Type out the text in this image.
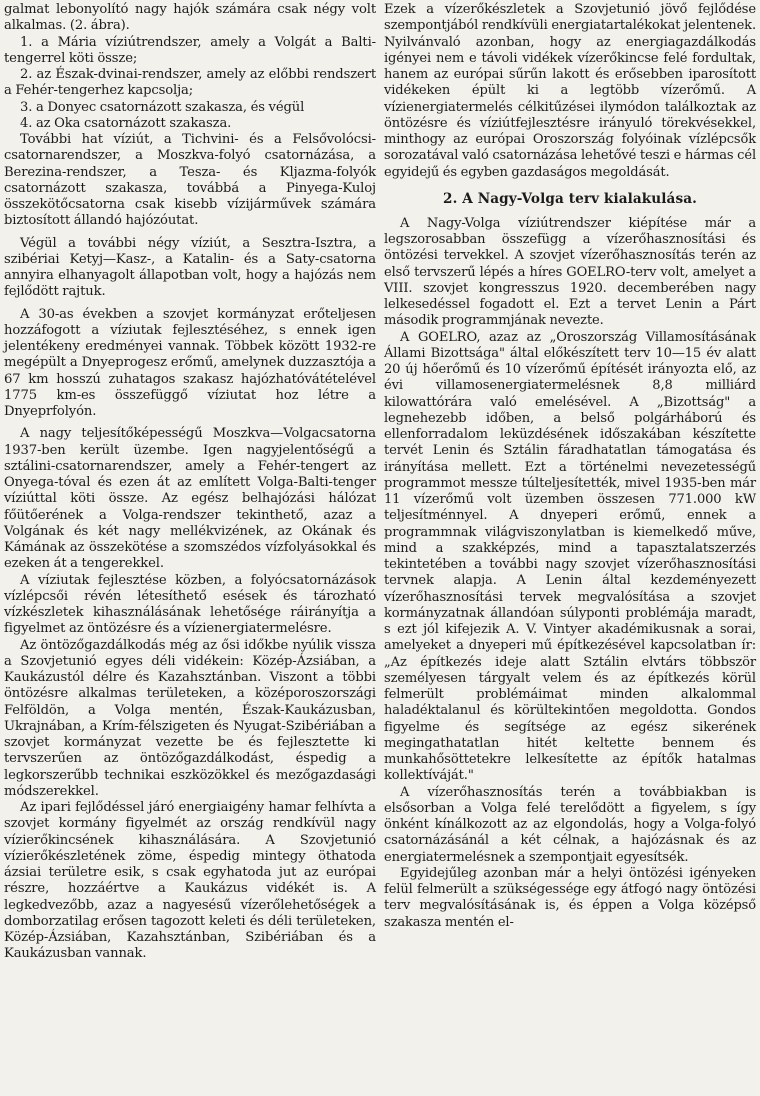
galmat lebonyolító nagy hajók számára csak négy volt alkalmas. (2. ábra).

1. a Mária víziútrendszer, amely a Volgát a Balti-tengerrel köti össze;

2. az Észak-dvinai-rendszer, amely az előbbi rendszert a Fehér-tengerhez kapcsolja;

3. a Donyec csatornázott szakasza, és végül

4. az Oka csatornázott szakasza.

További hat víziút, a Tichvini- és a Felsővolócsi-csatornarendszer, a Moszkva-folyó csatornázása, a Berezina-rendszer, a Tesza- és Kljazma-folyók csatornázott szakasza, továbbá a Pinyega-Kuloj összekötőcsatorna csak kisebb vízijárművek számára biztosított állandó hajózóutat.

Végül a további négy víziút, a Sesztra-Isztra, a szibériai Ketyj—Kasz-, a Katalin- és a Saty-csatorna annyira elhanyagolt állapotban volt, hogy a hajózás nem fejlődött rajtuk.

A 30-as években a szovjet kormányzat erőteljesen hozzáfogott a víziutak fejlesztéséhez, s ennek igen jelentékeny eredményei vannak. Többek között 1932-re megépült a Dnyeprogesz erőmű, amelynek duzzasztója a 67 km hosszú zuhatagos szakasz hajózhatóvátételével 1775 km-es összefüggő víziutat hoz létre a Dnyeprfolyón.

A nagy teljesítőképességű Moszkva—Volgacsatorna 1937-ben került üzembe. Igen nagyjelentőségű a sztálini-csatornarendszer, amely a Fehér-tengert az Onyega-tóval és ezen át az említett Volga-Balti-tenger víziúttal köti össze. Az egész belhajózási hálózat főütőerének a Volga-rendszer tekinthető, azaz a Volgának és két nagy mellékvizének, az Okának és Kámának az összekötése a szomszédos vízfolyásokkal és ezeken át a tengerekkel.

A víziutak fejlesztése közben, a folyócsatornázások vízlépcsői révén létesíthető esések és tározható vízkészletek kihasználásának lehetősége ráirányítja a figyelmet az öntözésre és a vízienergiatermelésre.

Az öntözőgazdálkodás még az ősi időkbe nyúlik vissza a Szovjetunió egyes déli vidékein: Közép-Ázsiában, a Kaukázustól délre és Kazahsztánban. Viszont a többi öntözésre alkalmas területeken, a középoroszországi Felföldön, a Volga mentén, Észak-Kaukázusban, Ukrajnában, a Krím-félszigeten és Nyugat-Szibériában a szovjet kormányzat vezette be és fejlesztette ki tervszerűen az öntözőgazdálkodást, éspedig a legkorszerűbb technikai eszközökkel és mezőgazdasági módszerekkel.

Az ipari fejlődéssel járó energiaigény hamar felhívta a szovjet kormány figyelmét az ország rendkívül nagy vízierőkincsének kihasználására. A Szovjetunió vízierőkészletének zöme, éspedig mintegy öthatoda ázsiai területre esik, s csak egyhatoda jut az európai részre, hozzáértve a Kaukázus vidékét is. A legkedvezőbb, azaz a nagyesésű vízerőlehetőségek a domborzatilag erősen tagozott keleti és déli területeken, Közép-Ázsiában, Kazahsztánban, Szibériában és a Kaukázusban vannak.

Ezek a vízerőkészletek a Szovjetunió jövő fejlődése szempontjából rendkívüli energiatartalékokat jelentenek. Nyilvánvaló azonban, hogy az energiagazdálkodás igényei nem e távoli vidékek vízerőkincse felé fordultak, hanem az európai sűrűn lakott és erősebben iparosított vidékeken épült ki a legtöbb vízerőmű. A vízienergiatermelés célkitűzései ilymódon találkoztak az öntözésre és víziútfejlesztésre irányuló törekvésekkel, minthogy az európai Oroszország folyóinak vízlépcsők sorozatával való csatornázása lehetővé teszi e hármas cél egyidejű és egyben gazdaságos megoldását.

2. A Nagy-Volga terv kialakulása.

A Nagy-Volga víziútrendszer kiépítése már a legszorosabban összefügg a vízerőhasznosítási és öntözési tervekkel. A szovjet vízerőhasznosítás terén az első tervszerű lépés a híres GOELRO-terv volt, amelyet a VIII. szovjet kongresszus 1920. decemberében nagy lelkesedéssel fogadott el. Ezt a tervet Lenin a Párt második programmjának nevezte.

A GOELRO, azaz az „Oroszország Villamosításának Állami Bizottsága" által előkészített terv 10—15 év alatt 20 új hőerőmű és 10 vízerőmű építését irányozta elő, az évi villamosenergiatermelésnek 8,8 milliárd kilowattórára való emelésével. A „Bizottság" a legnehezebb időben, a belső polgárháború és ellenforradalom leküzdésének időszakában készítette tervét Lenin és Sztálin fáradhatatlan támogatása és irányítása mellett. Ezt a történelmi nevezetességű programmot messze túlteljesítették, mivel 1935-ben már 11 vízerőmű volt üzemben összesen 771.000 kW teljesítménnyel. A dnyeperi erőmű, ennek a programmnak világviszonylatban is kiemelkedő műve, mind a szakképzés, mind a tapasztalatszerzés tekintetében a további nagy szovjet vízerőhasznosítási tervnek alapja. A Lenin által kezdeményezett vízerőhasznosítási tervek megvalósítása a szovjet kormányzatnak állandóan súlyponti problémája maradt, s ezt jól kifejezik A. V. Vintyer akadémikusnak a sorai, amelyeket a dnyeperi mű építkezésével kapcsolatban ír: „Az építkezés ideje alatt Sztálin elvtárs többször személyesen tárgyalt velem és az építkezés körül felmerült problémáimat minden alkalommal haladéktalanul és körültekintően megoldotta. Gondos figyelme és segítsége az egész sikerének megingathatatlan hitét keltette bennem és munkahősöttetekre lelkesítette az építők hatalmas kollektíváját."

A vízerőhasznosítás terén a továbbiakban is elsősorban a Volga felé terelődött a figyelem, s így önként kínálkozott az az elgondolás, hogy a Volga-folyó csatornázásánál a két célnak, a hajózásnak és az energiatermelésnek a szempontjait egyesítsék.

Egyidejűleg azonban már a helyi öntözési igényeken felül felmerült a szükségessége egy átfogó nagy öntözési terv megvalósításának is, és éppen a Volga középső szakasza mentén el-
